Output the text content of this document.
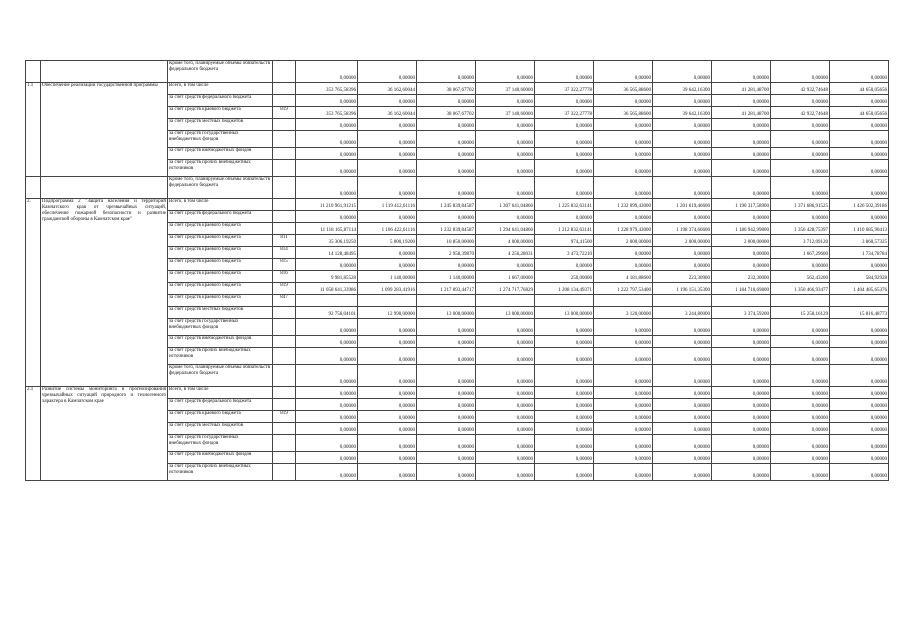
		Кроме того, планируемые объемы обязательств федерального бюджета		0,00000	0,00000	0,00000	0,00000	0,00000	0,00000	0,00000	0,00000	0,00000	0,00000
1.1	Обеспечение реализации государственной программы	Всего, в том числе		353 765,58396	36 162,60044	38 067,67702	37 140,60000	37 322,27778	36 565,88600	39 642,16300	41 281,48700	42 932,74648	44 650,05656
		за счет средств федерального бюджета		0,00000	0,00000	0,00000	0,00000	0,00000	0,00000	0,00000	0,00000	0,00000	0,00000
		за счет средств краевого бюджета	819	353 765,58396	36 162,60044	38 067,67702	37 140,60000	37 322,27778	36 565,88600	39 642,16300	41 281,48700	42 932,74648	44 650,05656
		за счет средств местных бюджетов		0,00000	0,00000	0,00000	0,00000	0,00000	0,00000	0,00000	0,00000	0,00000	0,00000
		за счет средств государственных внебюджетных фондов		0,00000	0,00000	0,00000	0,00000	0,00000	0,00000	0,00000	0,00000	0,00000	0,00000
		за счет средств внебюджетных фондов		0,00000	0,00000	0,00000	0,00000	0,00000	0,00000	0,00000	0,00000	0,00000	0,00000
		за счет средств прочих внебюджетных источников		0,00000	0,00000	0,00000	0,00000	0,00000	0,00000	0,00000	0,00000	0,00000	0,00000
		Кроме того, планируемые объемы обязательств федерального бюджета		0,00000	0,00000	0,00000	0,00000	0,00000	0,00000	0,00000	0,00000	0,00000	0,00000
2.	Подпрограмма 2 "Защита населения и территорий Камчатского края от чрезвычайных ситуаций, обеспечение пожарной безопасности и развитие гражданской обороны в Камчатском крае"	Всего, в том числе		11 210 961,91215	1 119 412,61116	1 245 839,84587	1 307 641,04860	1 225 832,63141	1 232 099,43000	1 201 619,46600	1 190 317,58900	1 371 686,91525	1 426 502,39186
		за счет средств федерального бюджета		0,00000	0,00000	0,00000	0,00000	0,00000	0,00000	0,00000	0,00000	0,00000	0,00000
		за счет средств краевого бюджета		11 118 165,87114	1 106 422,61116	1 232 839,84587	1 294 641,04860	1 212 832,63141	1 228 979,43000	1 198 374,66600	1 186 942,99800	1 356 428,75397	1 410 685,90413
		за счет средств краевого бюджета	811	35 306,19250	5 000,19200	10 850,00000	4 000,00000	974,41500	2 000,00000	2 000,00000	2 000,00000	3 712,09120	3 860,57325
		за счет средств краевого бюджета	814	14 128,48495	0,00000	2 958,39870	4 256,28031	3 473,72210	0,00000	0,00000	0,00000	1 667,29600	1 734,78784
		за счет средств краевого бюджета	815	0,00000	0,00000	0,00000	0,00000	0,00000	0,00000	0,00000	0,00000	0,00000	0,00000
		за счет средств краевого бюджета	816	9 981,85528	1 140,00000	1 140,00000	1 667,00000	250,00000	4 181,88600	223,30900	232,30000	562,43200	584,92928
		за счет средств краевого бюджета	819	11 058 641,33986	1 099 283,41916	1 217 893,44717	1 274 717,76829	1 208 134,49371	1 222 797,53400	1 196 151,35300	1 184 710,69800	1 350 466,93477	1 404 485,65376
		за счет средств краевого бюджета	847										
		за счет средств местных бюджетов		92 756,04101	12 990,00000	13 000,00000	13 000,00000	13 000,00000	3 120,00000	3 244,80000	3 374,59200	15 258,16129	15 816,48773
		за счет средств государственных внебюджетных фондов		0,00000	0,00000	0,00000	0,00000	0,00000	0,00000	0,00000	0,00000	0,00000	0,00000
		за счет средств внебюджетных фондов		0,00000	0,00000	0,00000	0,00000	0,00000	0,00000	0,00000	0,00000	0,00000	0,00000
		за счет средств прочих внебюджетных источников		0,00000	0,00000	0,00000	0,00000	0,00000	0,00000	0,00000	0,00000	0,00000	0,00000
		Кроме того, планируемые объемы обязательств федерального бюджета		0,00000	0,00000	0,00000	0,00000	0,00000	0,00000	0,00000	0,00000	0,00000	0,00000
2.1	Развитие системы мониторинга и прогнозирования чрезвычайных ситуаций природного и техногенного характера в Камчатском крае	Всего, в том числе		0,00000	0,00000	0,00000	0,00000	0,00000	0,00000	0,00000	0,00000	0,00000	0,00000
		за счет средств федерального бюджета		0,00000	0,00000	0,00000	0,00000	0,00000	0,00000	0,00000	0,00000	0,00000	0,00000
		за счет средств краевого бюджета	819	0,00000	0,00000	0,00000	0,00000	0,00000	0,00000	0,00000	0,00000	0,00000	0,00000
		за счет средств местных бюджетов		0,00000	0,00000	0,00000	0,00000	0,00000	0,00000	0,00000	0,00000	0,00000	0,00000
		за счет средств государственных внебюджетных фондов		0,00000	0,00000	0,00000	0,00000	0,00000	0,00000	0,00000	0,00000	0,00000	0,00000
		за счет средств внебюджетных фондов		0,00000	0,00000	0,00000	0,00000	0,00000	0,00000	0,00000	0,00000	0,00000	0,00000
		за счет средств прочих внебюджетных источников		0,00000	0,00000	0,00000	0,00000	0,00000	0,00000	0,00000	0,00000	0,00000	0,00000
